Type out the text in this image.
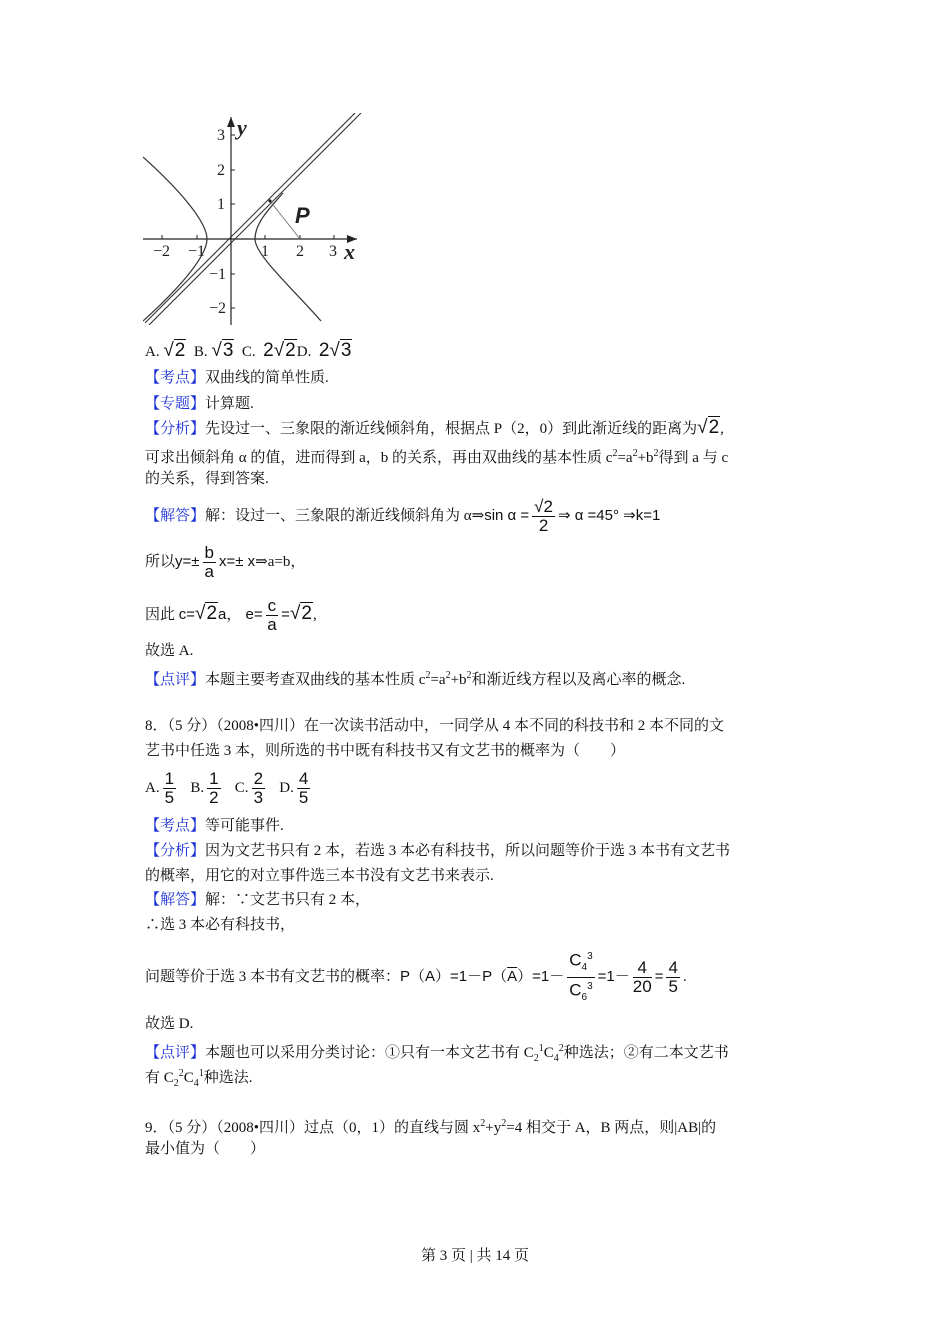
−2 −1	1 2 3
3
2
1
−1
−2
x
y
P
A. √2 B. √3 C. 2√2D. 2√3
【考点】双曲线的简单性质.
【专题】计算题.
【分析】先设过一、三象限的渐近线倾斜角，根据点 P（2，0）到此渐近线的距离为√2,
可求出倾斜角 α 的值，进而得到 a，b 的关系，再由双曲线的基本性质 $c^2=a^2+b^2$得到 a 与 c
的关系，得到答案.
【解答】解：设过一、三象限的渐近线倾斜角为 α⇒sin $\alpha = \frac{√2}{2}$ ⇒ α =45° ⇒k=1
所以$y=\pm \frac{b}{a} x=\pm$ x⇒a=b，
因此 c=√2a， $e= \frac{c}{a} =√2$,
故选 A.
【点评】本题主要考查双曲线的基本性质 $c^2=a^2+b^2$和渐近线方程以及离心率的概念.
8．（5 分）（2008•四川）在一次读书活动中，一同学从 4 本不同的科技书和 2 本不同的文
艺书中任选 3 本，则所选的书中既有科技书又有文艺书的概率为（　　）
A. $\frac{1}{5} B$. $\frac{1}{2} C$. $\frac{2}{3} D$. $\frac{4}{5}$
【考点】等可能事件.
【分析】因为文艺书只有 2 本，若选 3 本必有科技书，所以问题等价于选 3 本书有文艺书
的概率，用它的对立事件选三本书没有文艺书来表示.
【解答】解：∵文艺书只有 2 本，
∴选 3 本必有科技书，
问题等价于选 3 本书有文艺书的概率：$P(A)=1-P(\overline{A})=1- \frac{C_4^3}{C_6^3} =1- \frac{4}{20} = \frac{4}{5}$ .
故选 D.
【点评】本题也可以采用分类讨论：①只有一本文艺书有 $C_2^1C_4^2$种选法；②有二本文艺书
有 $C_2^2C_4^1$种选法.
9．（5 分）（2008•四川）过点（0，1）的直线与圆 $x^2+y^2=4$ 相交于 A，B 两点，则|AB|的
最小值为（　　）
第 3 页 | 共 14 页
